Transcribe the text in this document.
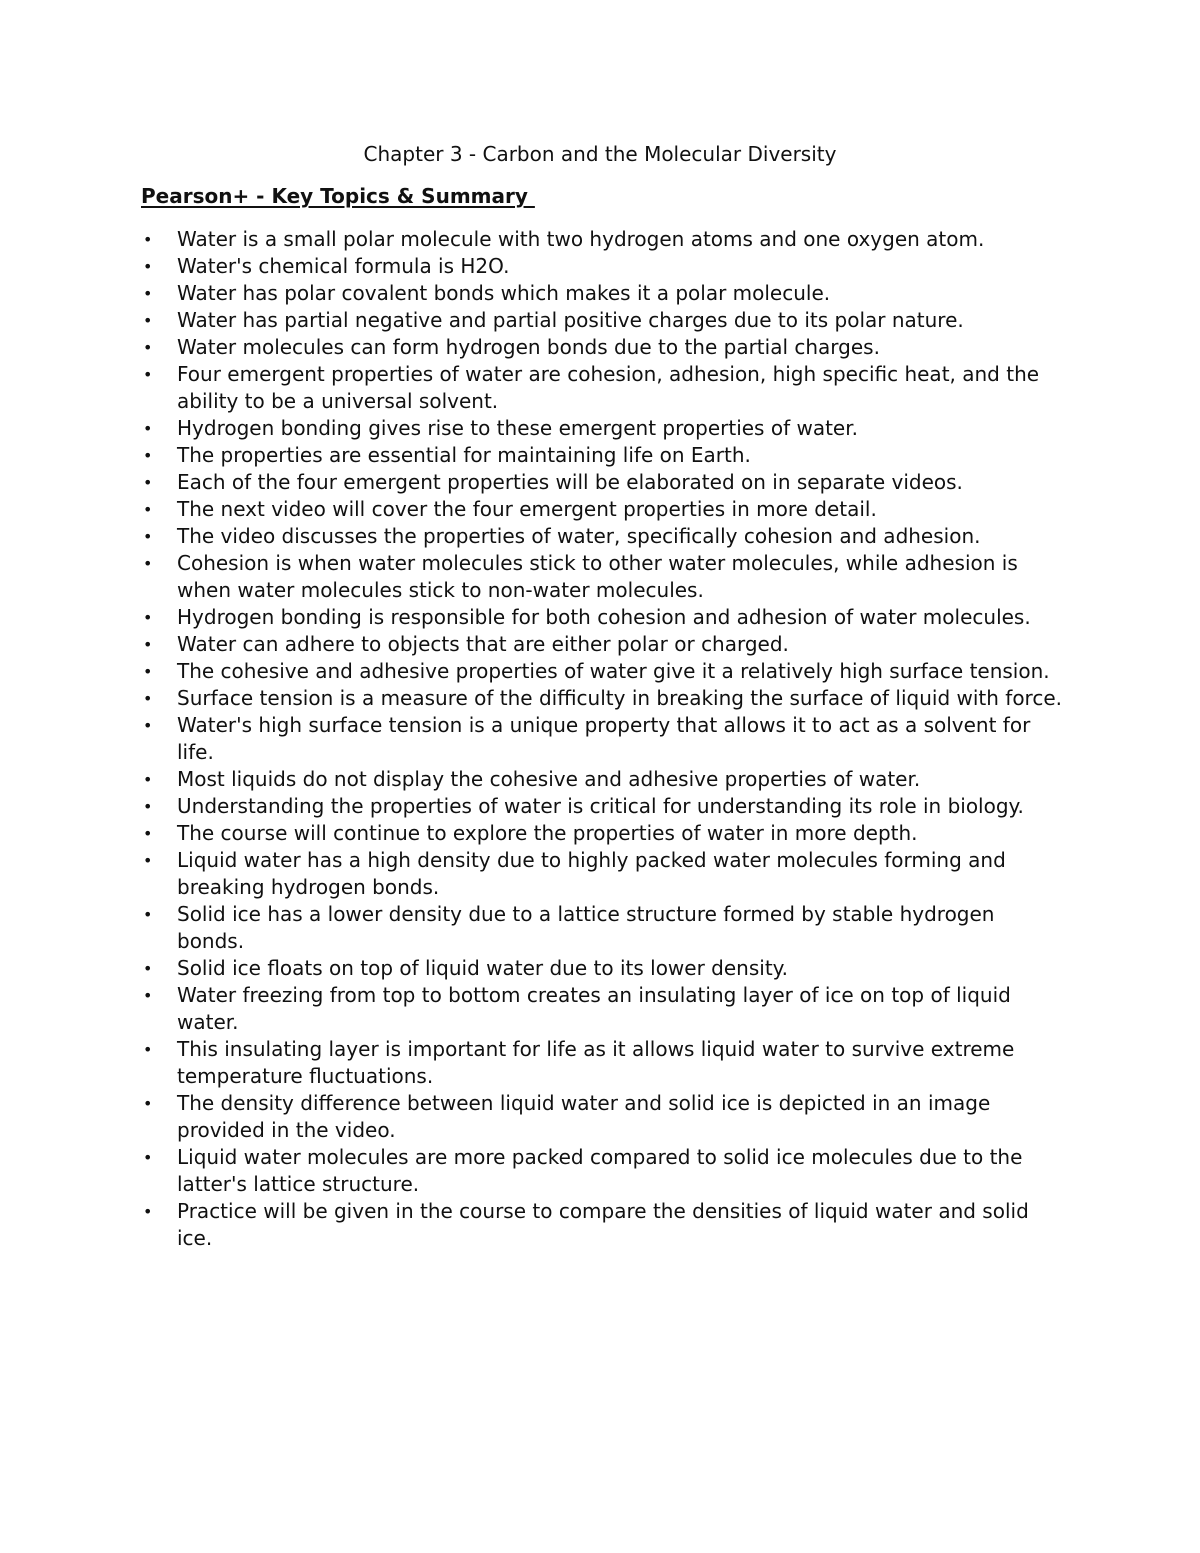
Chapter 3 - Carbon and the Molecular Diversity
Pearson+ - Key Topics & Summary
• Water is a small polar molecule with two hydrogen atoms and one oxygen atom.
• Water's chemical formula is H2O.
• Water has polar covalent bonds which makes it a polar molecule.
• Water has partial negative and partial positive charges due to its polar nature.
• Water molecules can form hydrogen bonds due to the partial charges.
• Four emergent properties of water are cohesion, adhesion, high specific heat, and the ability to be a universal solvent.
• Hydrogen bonding gives rise to these emergent properties of water.
• The properties are essential for maintaining life on Earth.
• Each of the four emergent properties will be elaborated on in separate videos.
• The next video will cover the four emergent properties in more detail.
• The video discusses the properties of water, specifically cohesion and adhesion.
• Cohesion is when water molecules stick to other water molecules, while adhesion is when water molecules stick to non-water molecules.
• Hydrogen bonding is responsible for both cohesion and adhesion of water molecules.
• Water can adhere to objects that are either polar or charged.
• The cohesive and adhesive properties of water give it a relatively high surface tension.
• Surface tension is a measure of the difficulty in breaking the surface of liquid with force.
• Water's high surface tension is a unique property that allows it to act as a solvent for life.
• Most liquids do not display the cohesive and adhesive properties of water.
• Understanding the properties of water is critical for understanding its role in biology.
• The course will continue to explore the properties of water in more depth.
• Liquid water has a high density due to highly packed water molecules forming and breaking hydrogen bonds.
• Solid ice has a lower density due to a lattice structure formed by stable hydrogen bonds.
• Solid ice floats on top of liquid water due to its lower density.
• Water freezing from top to bottom creates an insulating layer of ice on top of liquid water.
• This insulating layer is important for life as it allows liquid water to survive extreme temperature fluctuations.
• The density difference between liquid water and solid ice is depicted in an image provided in the video.
• Liquid water molecules are more packed compared to solid ice molecules due to the latter's lattice structure.
• Practice will be given in the course to compare the densities of liquid water and solid ice.
